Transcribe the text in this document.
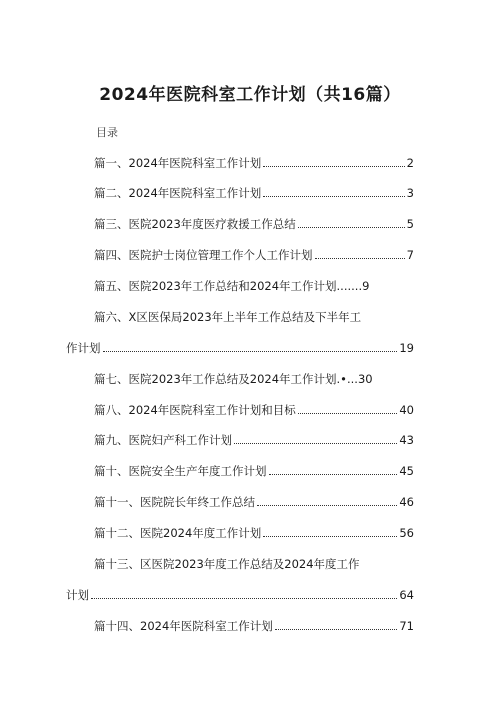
2024年医院科室工作计划（共16篇）
目录
篇一、2024年医院科室工作计划	2
篇二、2024年医院科室工作计划	3
篇三、医院2023年度医疗救援工作总结	5
篇四、医院护士岗位管理工作个人工作计划	7
篇五、医院2023年工作总结和2024年工作计划....... 9
篇六、X区医保局2023年上半年工作总结及下半年工
作计划	19
篇七、医院2023年工作总结及2024年工作计划.•... 30
篇八、2024年医院科室工作计划和目标	40
篇九、医院妇产科工作计划	43
篇十、医院安全生产年度工作计划	45
篇十一、医院院长年终工作总结	46
篇十二、医院2024年度工作计划	56
篇十三、区医院2023年度工作总结及2024年度工作
计划	64
篇十四、2024年医院科室工作计划	71
